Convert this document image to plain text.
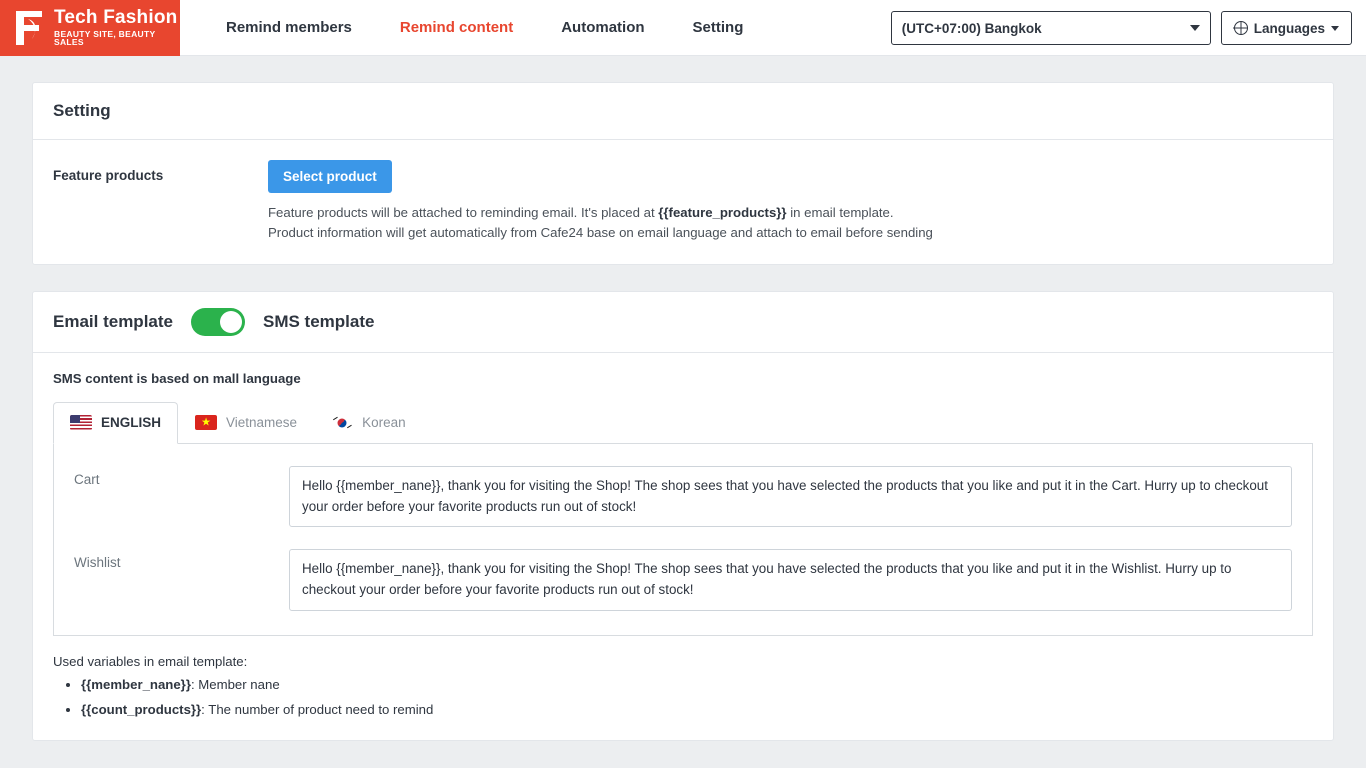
Tech Fashion
BEAUTY SITE, BEAUTY SALES
Remind members	Remind content	Automation	Setting	(UTC+07:00) Bangkok	Languages
Setting
Feature products	Select product
Feature products will be attached to reminding email. It's placed at {{feature_products}} in email template.
Product information will get automatically from Cafe24 base on email language and attach to email before sending
Email template	SMS template
SMS content is based on mall language
ENGLISH	★ Vietnamese	Korean
Cart
Hello {{member_nane}}, thank you for visiting the Shop! The shop sees that you have selected the products that you like and put it in the Cart. Hurry up to checkout your order before your favorite products run out of stock!
Wishlist
Hello {{member_nane}}, thank you for visiting the Shop! The shop sees that you have selected the products that you like and put it in the Wishlist. Hurry up to checkout your order before your favorite products run out of stock!
Used variables in email template:
• {{member_nane}}: Member nane
• {{count_products}}: The number of product need to remind
